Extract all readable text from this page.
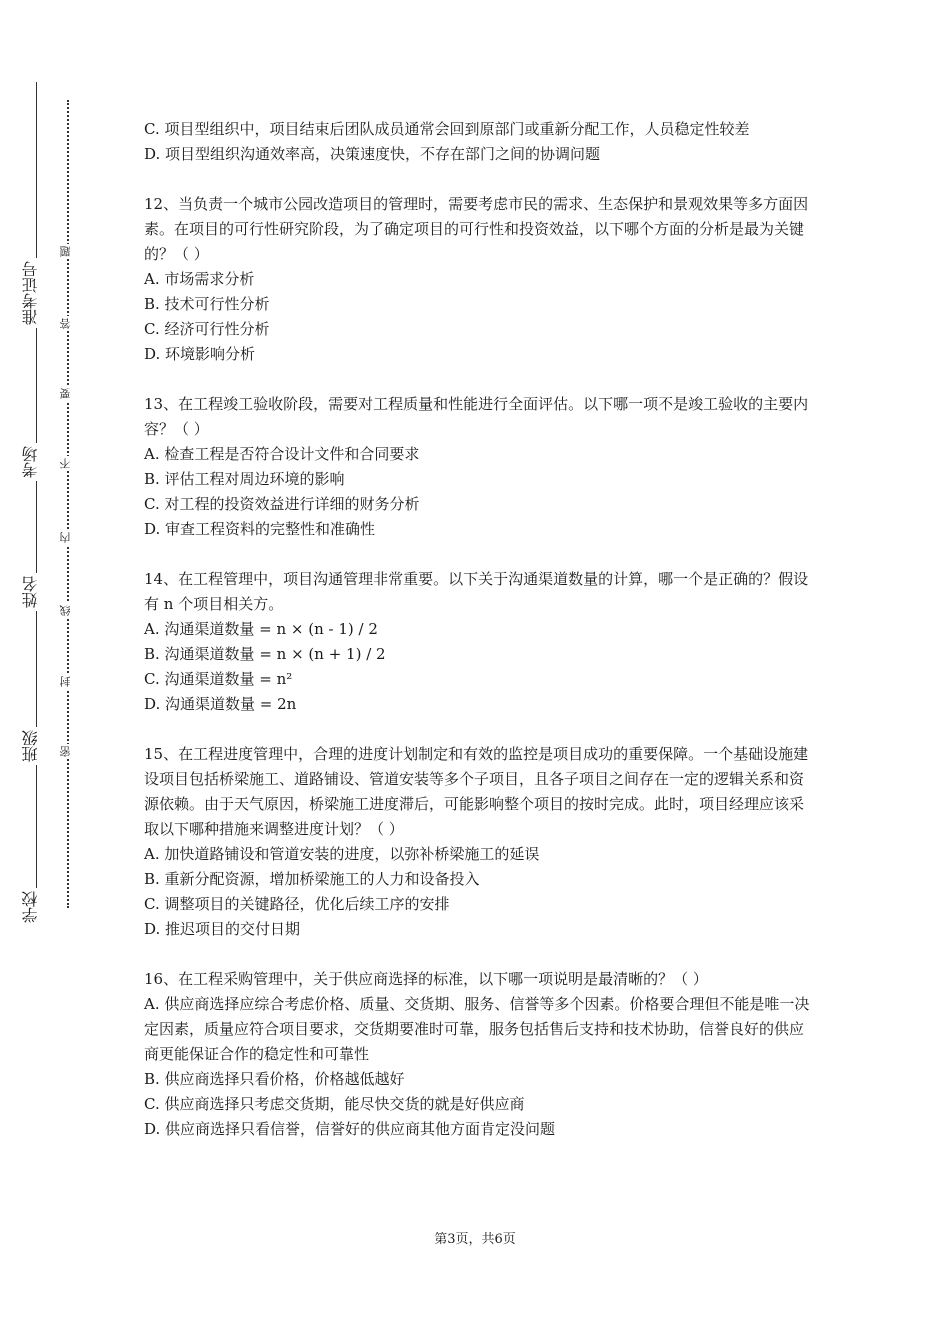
准考证号
考场
姓名
班级
学校
题
答
要
不
内
线
封
密

C. 项目型组织中，项目结束后团队成员通常会回到原部门或重新分配工作，人员稳定性较差

D. 项目型组织沟通效率高，决策速度快，不存在部门之间的协调问题

12、当负责一个城市公园改造项目的管理时，需要考虑市民的需求、生态保护和景观效果等多方面因素。在项目的可行性研究阶段，为了确定项目的可行性和投资效益，以下哪个方面的分析是最为关键的？（ ）

A. 市场需求分析

B. 技术可行性分析

C. 经济可行性分析

D. 环境影响分析

13、在工程竣工验收阶段，需要对工程质量和性能进行全面评估。以下哪一项不是竣工验收的主要内容？（ ）

A. 检查工程是否符合设计文件和合同要求

B. 评估工程对周边环境的影响

C. 对工程的投资效益进行详细的财务分析

D. 审查工程资料的完整性和准确性

14、在工程管理中，项目沟通管理非常重要。以下关于沟通渠道数量的计算，哪一个是正确的？假设有 n 个项目相关方。

A. 沟通渠道数量 = n × (n - 1) / 2

B. 沟通渠道数量 = n × (n + 1) / 2

C. 沟通渠道数量 = n²

D. 沟通渠道数量 = 2n

15、在工程进度管理中，合理的进度计划制定和有效的监控是项目成功的重要保障。一个基础设施建设项目包括桥梁施工、道路铺设、管道安装等多个子项目，且各子项目之间存在一定的逻辑关系和资源依赖。由于天气原因，桥梁施工进度滞后，可能影响整个项目的按时完成。此时，项目经理应该采取以下哪种措施来调整进度计划？（ ）

A. 加快道路铺设和管道安装的进度，以弥补桥梁施工的延误

B. 重新分配资源，增加桥梁施工的人力和设备投入

C. 调整项目的关键路径，优化后续工序的安排

D. 推迟项目的交付日期

16、在工程采购管理中，关于供应商选择的标准，以下哪一项说明是最清晰的？（ ）

A. 供应商选择应综合考虑价格、质量、交货期、服务、信誉等多个因素。价格要合理但不能是唯一决定因素，质量应符合项目要求，交货期要准时可靠，服务包括售后支持和技术协助，信誉良好的供应商更能保证合作的稳定性和可靠性

B. 供应商选择只看价格，价格越低越好

C. 供应商选择只考虑交货期，能尽快交货的就是好供应商

D. 供应商选择只看信誉，信誉好的供应商其他方面肯定没问题

第3页，共6页
